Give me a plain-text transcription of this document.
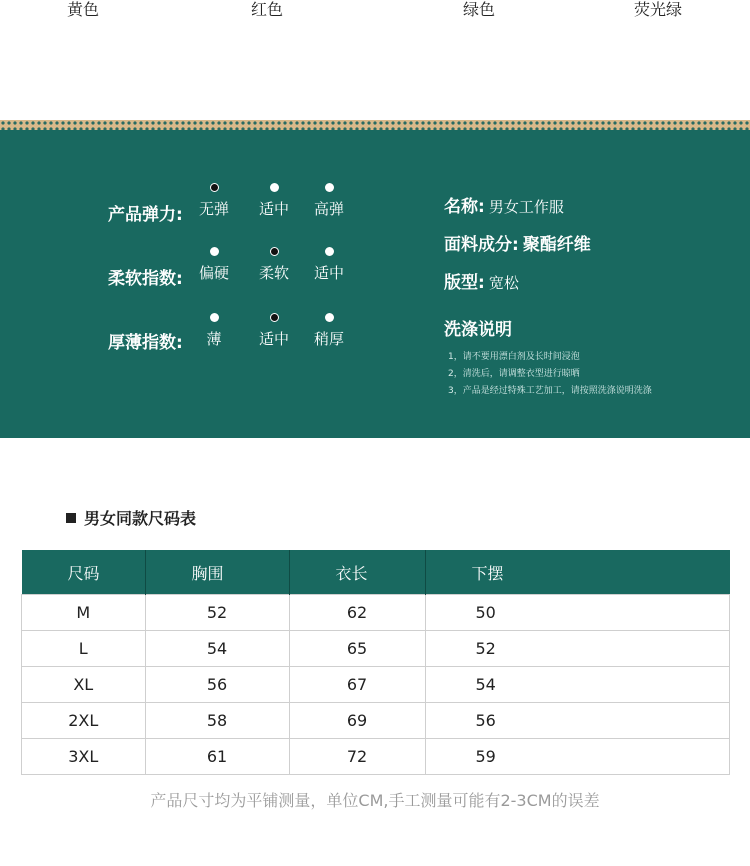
黄色	红色	绿色	荧光绿
产品弹力:	无弹	适中	高弹
柔软指数:	偏硬	柔软	适中
厚薄指数:	薄	适中	稍厚
名称: 男女工作服
面料成分: 聚酯纤维
版型: 宽松
洗涤说明
1，请不要用漂白剂及长时间浸泡
2，清洗后，请调整衣型进行晾晒
3，产品是经过特殊工艺加工，请按照洗涤说明洗涤
男女同款尺码表
尺码	胸围	衣长	下摆
M	52	62	50
L	54	65	52
XL	56	67	54
2XL	58	69	56
3XL	61	72	59
产品尺寸均为平铺测量，单位CM,手工测量可能有2-3CM的误差
